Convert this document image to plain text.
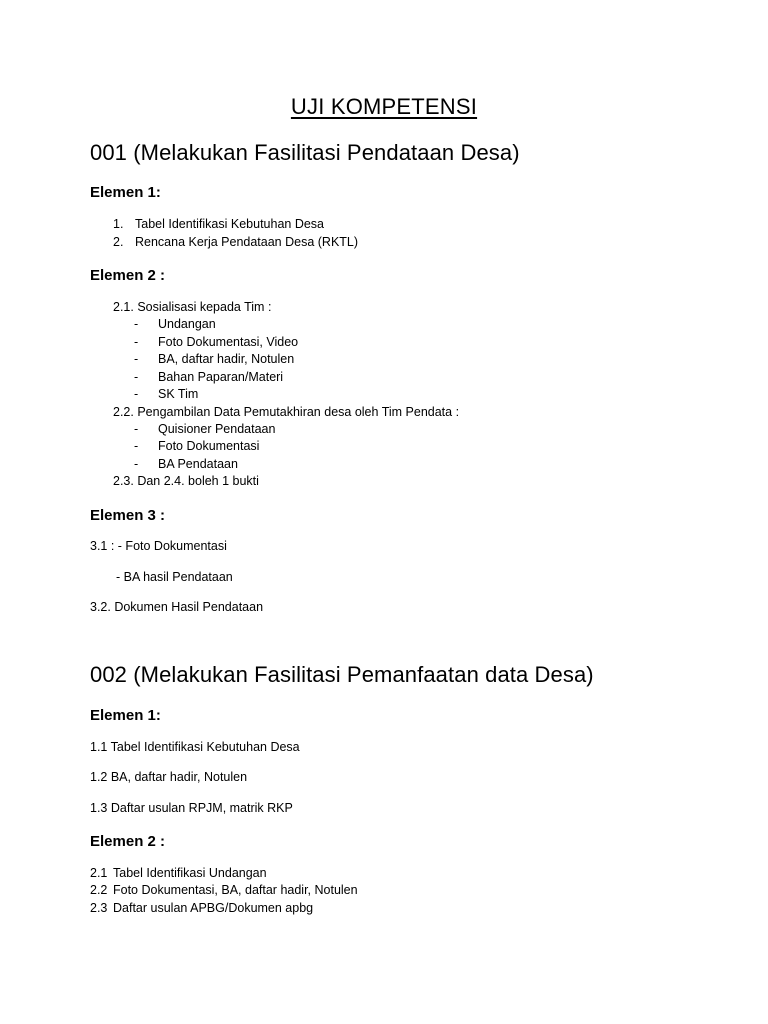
UJI KOMPETENSI
001 (Melakukan Fasilitasi Pendataan Desa)
Elemen 1:
1. Tabel Identifikasi Kebutuhan Desa
2. Rencana Kerja Pendataan Desa (RKTL)
Elemen 2 :
2.1. Sosialisasi kepada Tim :
- Undangan
- Foto Dokumentasi, Video
- BA, daftar hadir, Notulen
- Bahan Paparan/Materi
- SK Tim
2.2. Pengambilan Data Pemutakhiran desa oleh Tim Pendata :
- Quisioner Pendataan
- Foto Dokumentasi
- BA Pendataan
2.3. Dan 2.4. boleh 1 bukti
Elemen 3 :
3.1 : - Foto Dokumentasi
- BA hasil Pendataan
3.2. Dokumen Hasil Pendataan
002 (Melakukan Fasilitasi Pemanfaatan data Desa)
Elemen 1:
1.1 Tabel Identifikasi Kebutuhan Desa
1.2 BA, daftar hadir, Notulen
1.3 Daftar usulan RPJM, matrik RKP
Elemen 2 :
2.1 Tabel Identifikasi Undangan
2.2 Foto Dokumentasi, BA, daftar hadir, Notulen
2.3 Daftar usulan APBG/Dokumen apbg
